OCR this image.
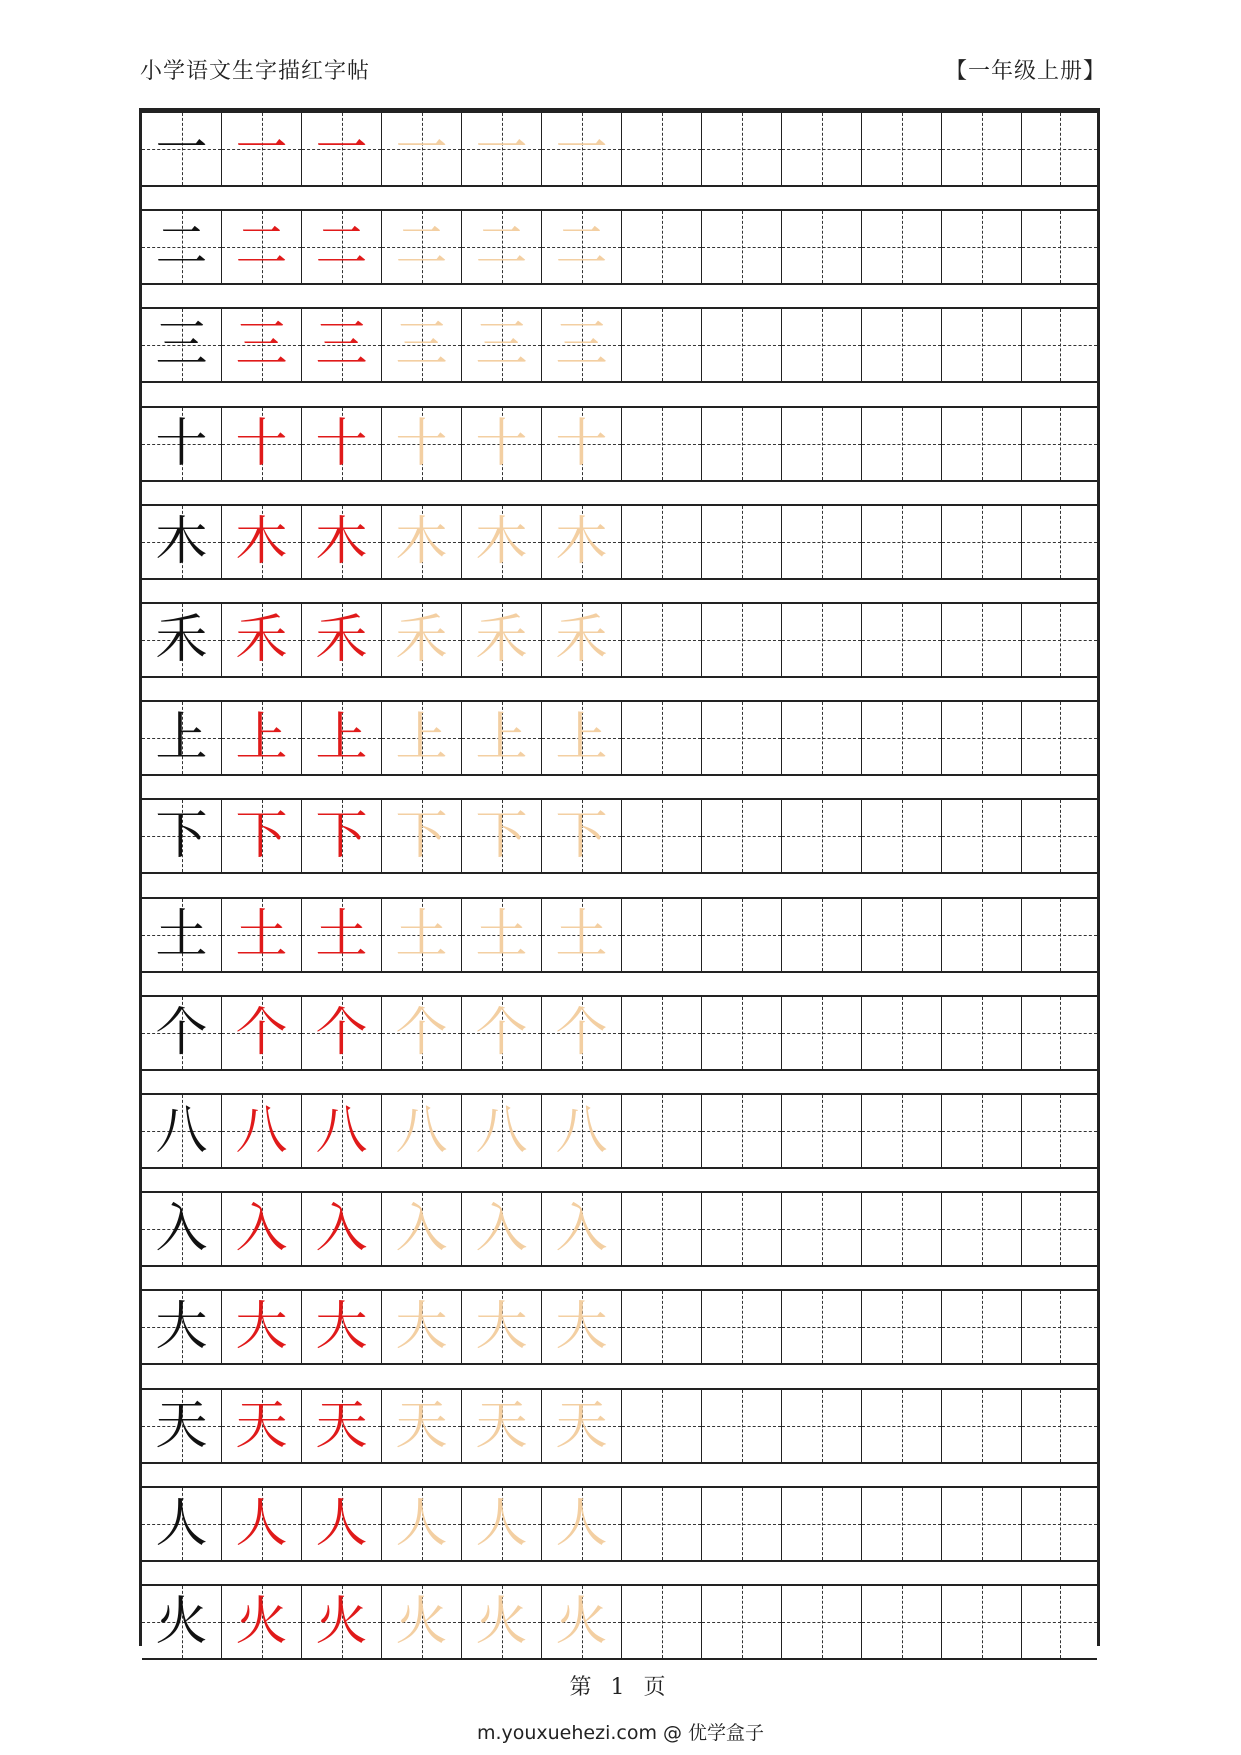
小学语文生字描红字帖	【一年级上册】
一 一 一 一 一 一
二 二 二 二 二 二
三 三 三 三 三 三
十 十 十 十 十 十
木 木 木 木 木 木
禾 禾 禾 禾 禾 禾
上 上 上 上 上 上
下 下 下 下 下 下
土 土 土 土 土 土
个 个 个 个 个 个
八 八 八 八 八 八
入 入 入 入 入 入
大 大 大 大 大 大
天 天 天 天 天 天
人 人 人 人 人 人
火 火 火 火 火 火
第 1 页
m.youxuehezi.com @ 优学盒子
